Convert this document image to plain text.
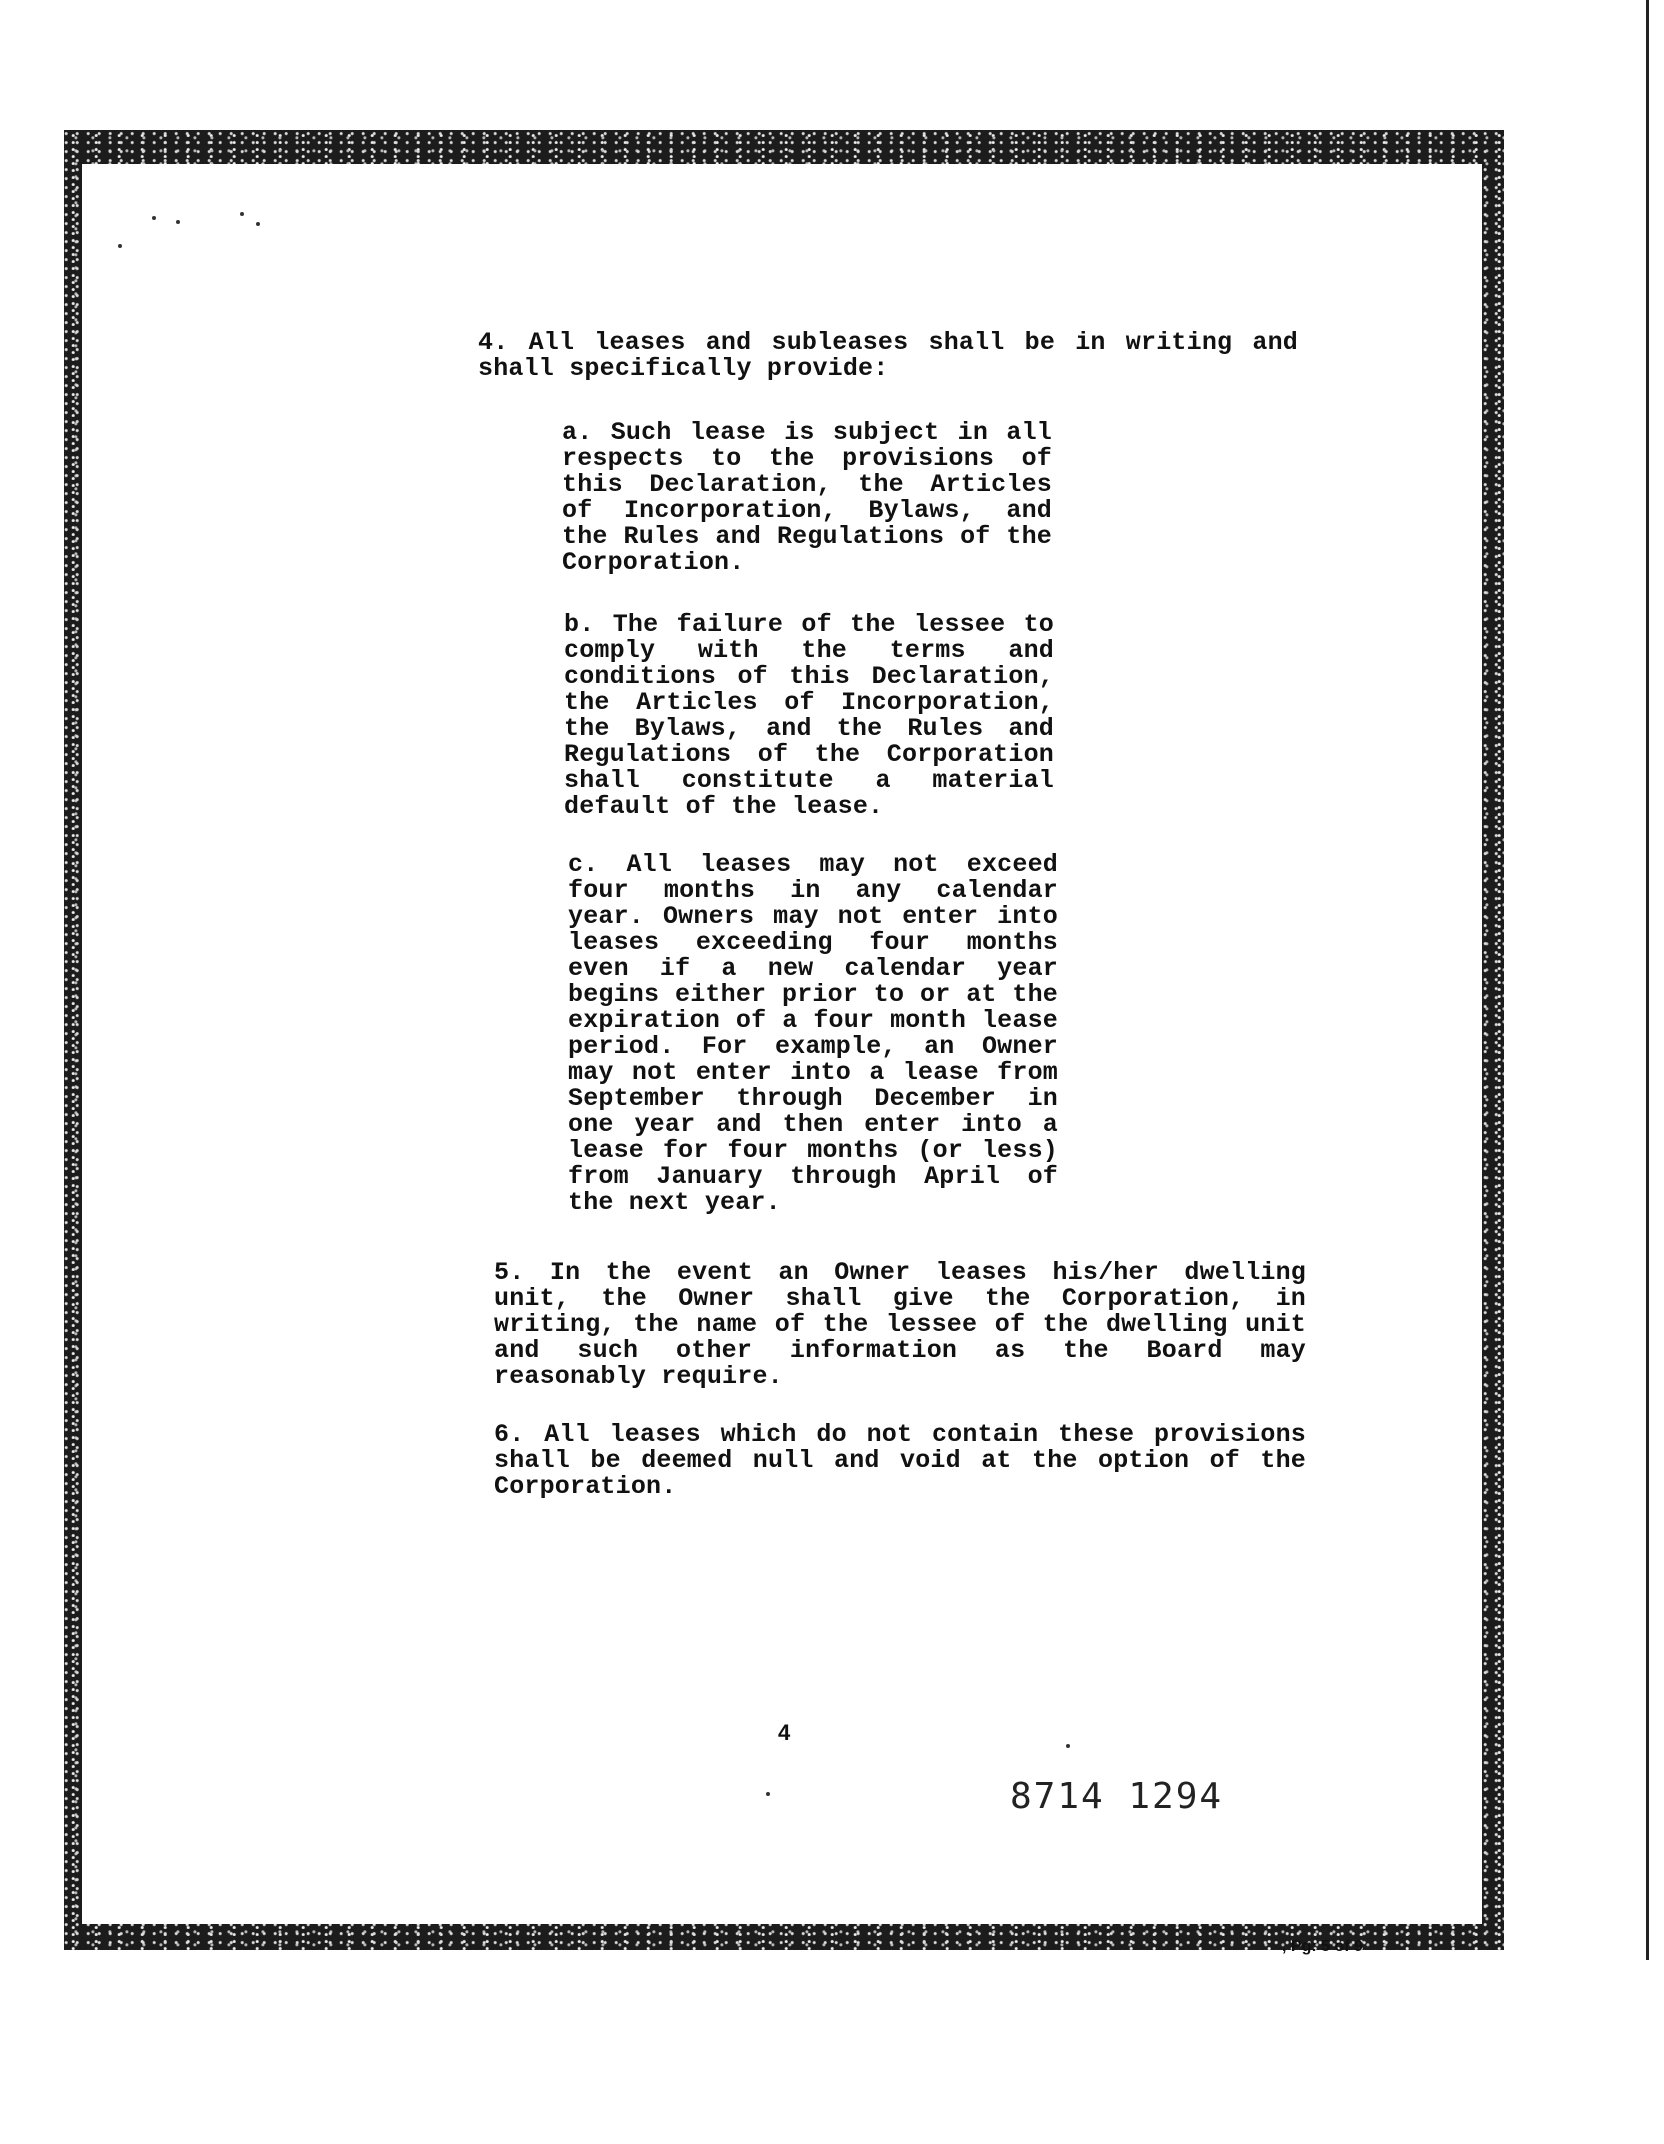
4. All leases and subleases shall be in writing and shall specifically provide:
a. Such lease is subject in all respects to the provisions of this Declaration, the Articles of Incorporation, Bylaws, and the Rules and Regulations of the Corporation.
b. The failure of the lessee to comply with the terms and conditions of this Declaration, the Articles of Incorporation, the Bylaws, and the Rules and Regulations of the Corporation shall constitute a material default of the lease.
c. All leases may not exceed four months in any calendar year. Owners may not enter into leases exceeding four months even if a new calendar year begins either prior to or at the expiration of a four month lease period. For example, an Owner may not enter into a lease from September through December in one year and then enter into a lease for four months (or less) from January through April of the next year.
5. In the event an Owner leases his/her dwelling unit, the Owner shall give the Corporation, in writing, the name of the lessee of the dwelling unit and such other information as the Board may reasonably require.
6. All leases which do not contain these provisions shall be deemed null and void at the option of the Corporation.
4
8714 1294
, Pg: 5 of 9
